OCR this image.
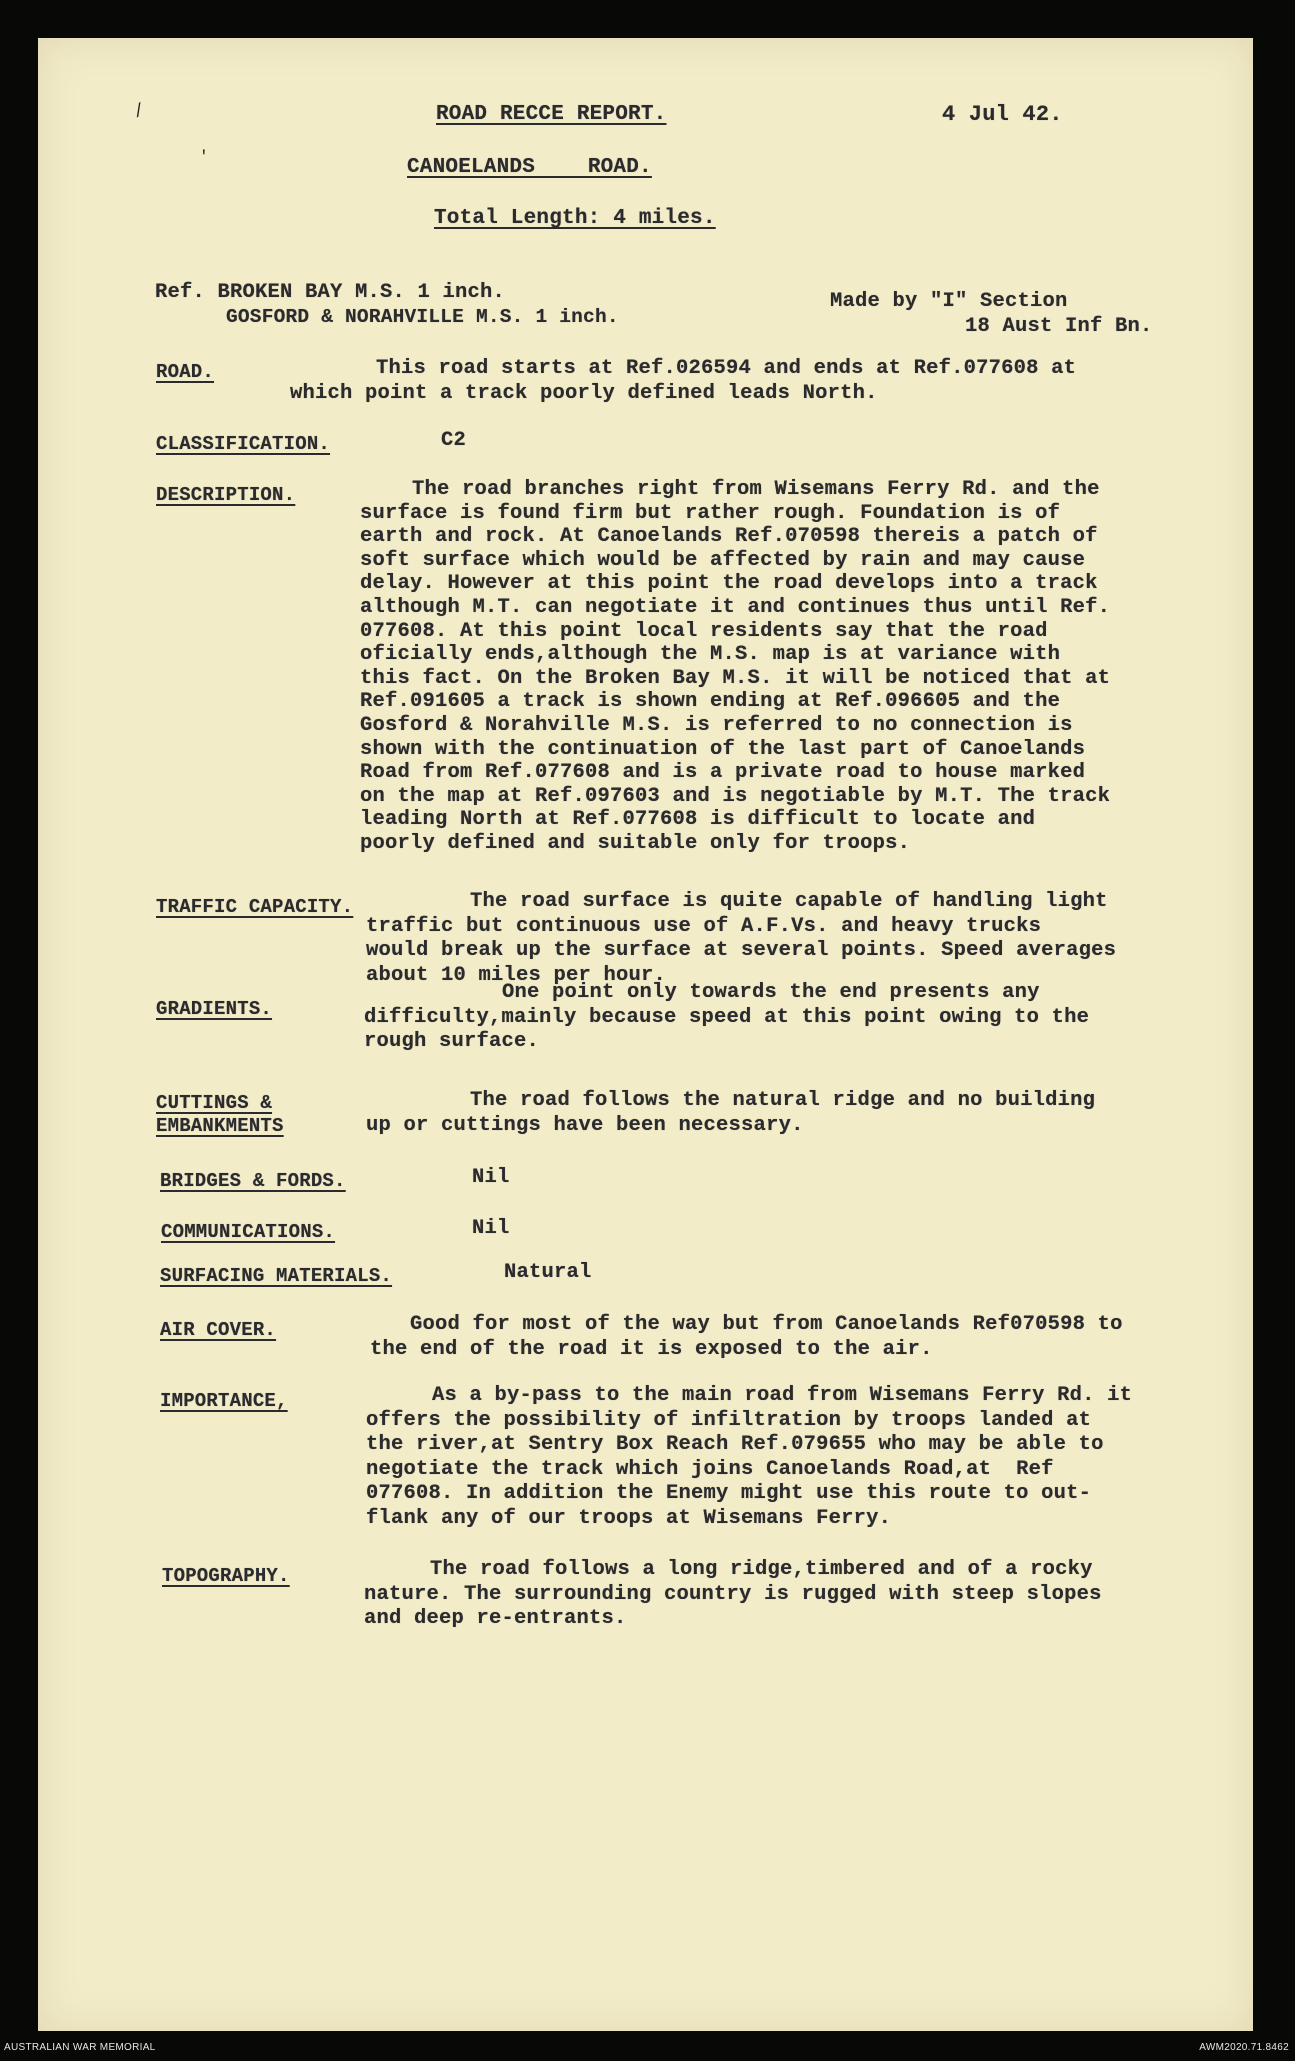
/
'
ROAD RECCE REPORT.	4 Jul 42.
CANOELANDS ROAD.
Total Length: 4 miles.
Ref. BROKEN BAY M.S. 1 inch.
GOSFORD & NORAHVILLE M.S. 1 inch.
Made by "I" Section
18 Aust Inf Bn.
ROAD.	This road starts at Ref.026594 and ends at Ref.077608 at
which point a track poorly defined leads North.
CLASSIFICATION.	C2
DESCRIPTION.	The road branches right from Wisemans Ferry Rd. and the
surface is found firm but rather rough. Foundation is of
earth and rock. At Canoelands Ref.070598 thereis a patch of
soft surface which would be affected by rain and may cause
delay. However at this point the road develops into a track
although M.T. can negotiate it and continues thus until Ref.
077608. At this point local residents say that the road
oficially ends,although the M.S. map is at variance with
this fact. On the Broken Bay M.S. it will be noticed that at
Ref.091605 a track is shown ending at Ref.096605 and the
Gosford & Norahville M.S. is referred to no connection is
shown with the continuation of the last part of Canoelands
Road from Ref.077608 and is a private road to house marked
on the map at Ref.097603 and is negotiable by M.T. The track
leading North at Ref.077608 is difficult to locate and
poorly defined and suitable only for troops.
TRAFFIC CAPACITY.	The road surface is quite capable of handling light
traffic but continuous use of A.F.Vs. and heavy trucks
would break up the surface at several points. Speed averages
about 10 miles per hour.
GRADIENTS.
One point only towards the end presents any
difficulty,mainly because speed at this point owing to the
rough surface.
CUTTINGS &
EMBANKMENTS
The road follows the natural ridge and no building
up or cuttings have been necessary.
BRIDGES & FORDS.	Nil
COMMUNICATIONS.	Nil
SURFACING MATERIALS.	Natural
AIR COVER.	Good for most of the way but from Canoelands Ref070598 to
the end of the road it is exposed to the air.
IMPORTANCE,	As a by-pass to the main road from Wisemans Ferry Rd. it
offers the possibility of infiltration by troops landed at
the river,at Sentry Box Reach Ref.079655 who may be able to
negotiate the track which joins Canoelands Road,at  Ref
077608. In addition the Enemy might use this route to out-
flank any of our troops at Wisemans Ferry.
TOPOGRAPHY.	The road follows a long ridge,timbered and of a rocky
nature. The surrounding country is rugged with steep slopes
and deep re-entrants.
AUSTRALIAN WAR MEMORIAL	AWM2020.71.8462
